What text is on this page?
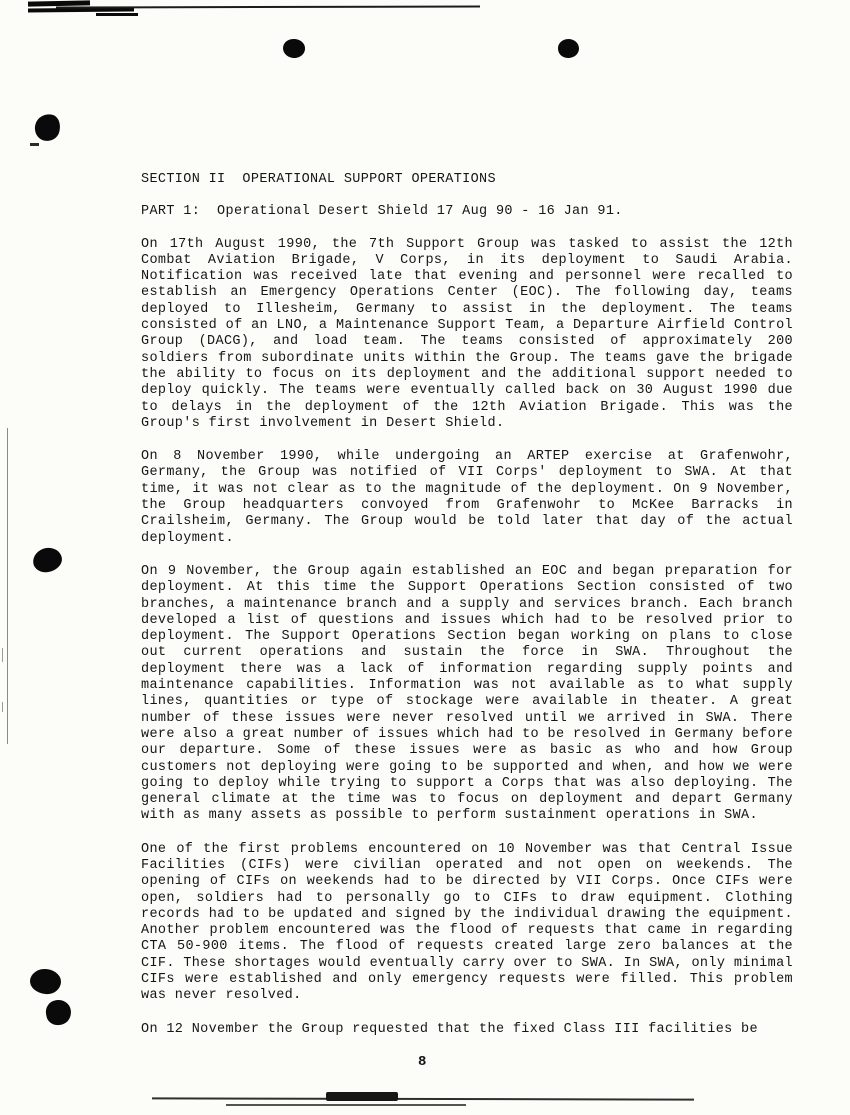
SECTION II  OPERATIONAL SUPPORT OPERATIONS
PART 1:  Operational Desert Shield 17 Aug 90 - 16 Jan 91.

On 17th August 1990, the 7th Support Group was tasked to assist the 12th Combat Aviation Brigade, V Corps, in its deployment to Saudi Arabia. Notification was received late that evening and personnel were recalled to establish an Emergency Operations Center (EOC). The following day, teams deployed to Illesheim, Germany to assist in the deployment. The teams consisted of an LNO, a Maintenance Support Team, a Departure Airfield Control Group (DACG), and load team. The teams consisted of approximately 200 soldiers from subordinate units within the Group. The teams gave the brigade the ability to focus on its deployment and the additional support needed to deploy quickly. The teams were eventually called back on 30 August 1990 due to delays in the deployment of the 12th Aviation Brigade. This was the Group's first involvement in Desert Shield.

On 8 November 1990, while undergoing an ARTEP exercise at Grafenwohr, Germany, the Group was notified of VII Corps' deployment to SWA. At that time, it was not clear as to the magnitude of the deployment. On 9 November, the Group headquarters convoyed from Grafenwohr to McKee Barracks in Crailsheim, Germany. The Group would be told later that day of the actual deployment.

On 9 November, the Group again established an EOC and began preparation for deployment. At this time the Support Operations Section consisted of two branches, a maintenance branch and a supply and services branch. Each branch developed a list of questions and issues which had to be resolved prior to deployment. The Support Operations Section began working on plans to close out current operations and sustain the force in SWA. Throughout the deployment there was a lack of information regarding supply points and maintenance capabilities. Information was not available as to what supply lines, quantities or type of stockage were available in theater. A great number of these issues were never resolved until we arrived in SWA. There were also a great number of issues which had to be resolved in Germany before our departure. Some of these issues were as basic as who and how Group customers not deploying were going to be supported and when, and how we were going to deploy while trying to support a Corps that was also deploying. The general climate at the time was to focus on deployment and depart Germany with as many assets as possible to perform sustainment operations in SWA.

One of the first problems encountered on 10 November was that Central Issue Facilities (CIFs) were civilian operated and not open on weekends. The opening of CIFs on weekends had to be directed by VII Corps. Once CIFs were open, soldiers had to personally go to CIFs to draw equipment. Clothing records had to be updated and signed by the individual drawing the equipment. Another problem encountered was the flood of requests that came in regarding CTA 50-900 items. The flood of requests created large zero balances at the CIF. These shortages would eventually carry over to SWA. In SWA, only minimal CIFs were established and only emergency requests were filled. This problem was never resolved.

On 12 November the Group requested that the fixed Class III facilities be

8
